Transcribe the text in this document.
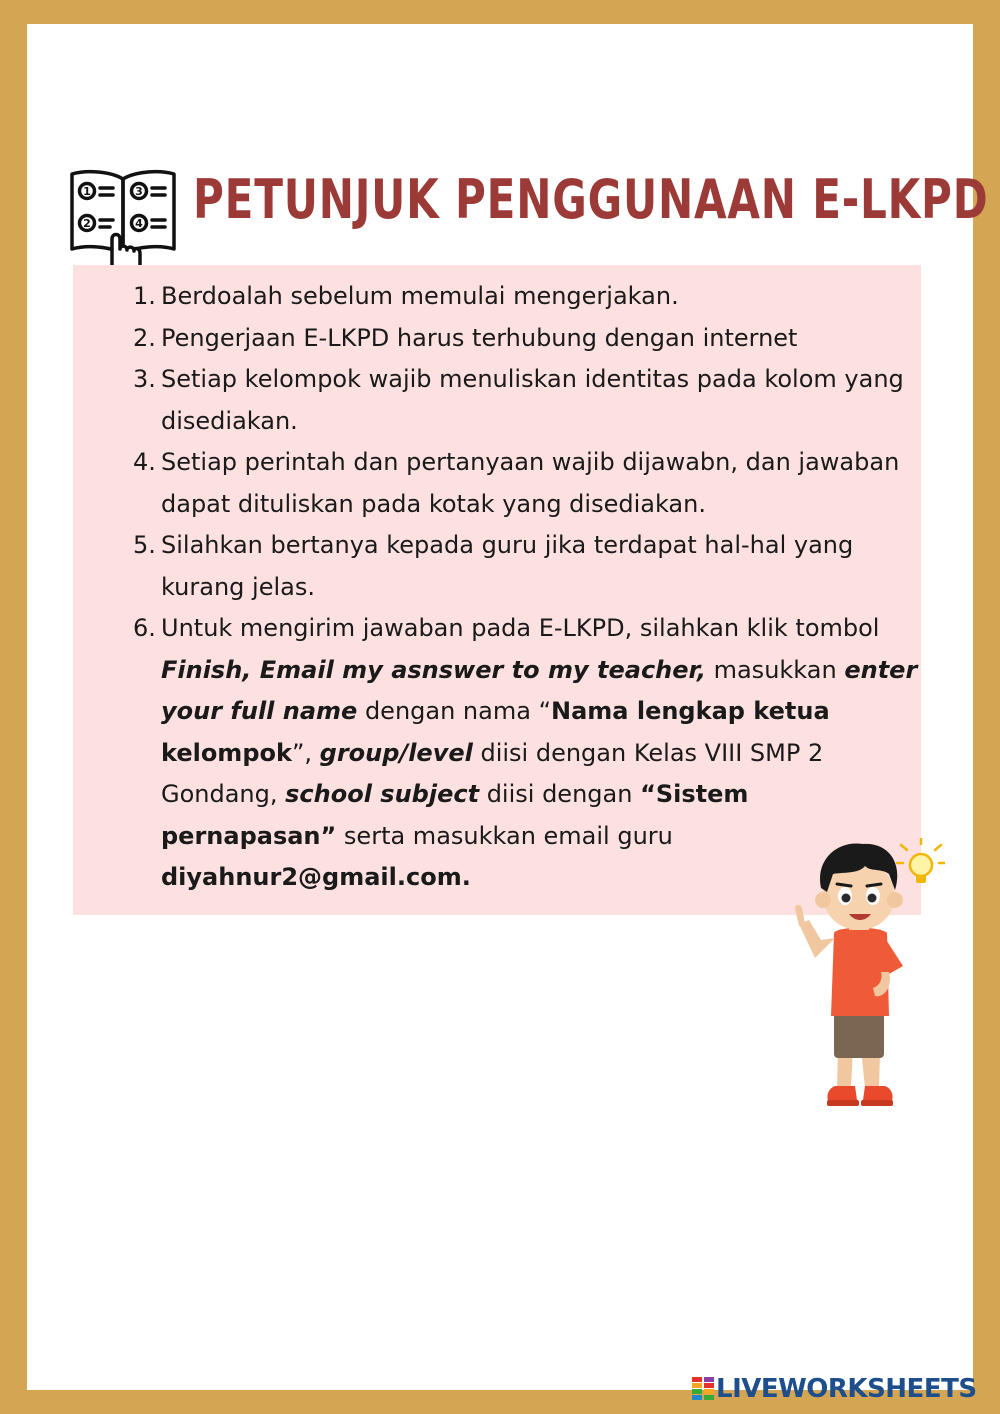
1	3
2	4 PETUNJUK PENGGUNAAN E-LKPD
1. Berdoalah sebelum memulai mengerjakan.
2. Pengerjaan E-LKPD harus terhubung dengan internet
3. Setiap kelompok wajib menuliskan identitas pada kolom yang disediakan.
4. Setiap perintah dan pertanyaan wajib dijawabn, dan jawaban dapat dituliskan pada kotak yang disediakan.
5. Silahkan bertanya kepada guru jika terdapat hal-hal yang kurang jelas.
6. Untuk mengirim jawaban pada E-LKPD, silahkan klik tombol Finish, Email my asnswer to my teacher, masukkan enter your full name dengan nama “Nama lengkap ketua kelompok”, group/level diisi dengan Kelas VIII SMP 2 Gondang, school subject diisi dengan “Sistem pernapasan” serta masukkan email guru diyahnur2@gmail.com.
LIVEWORKSHEETS
